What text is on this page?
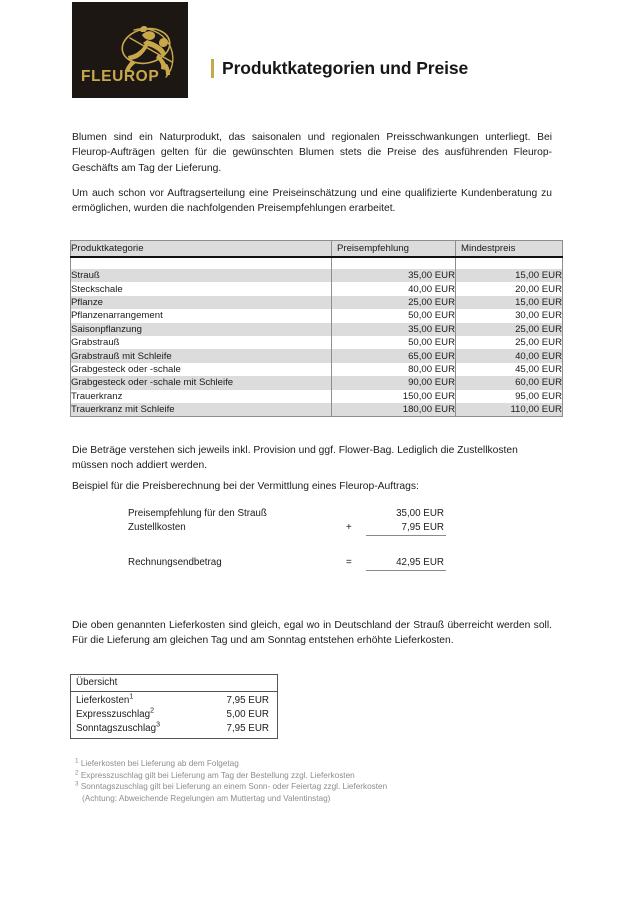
FLEUROP	Produktkategorien und Preise
Blumen sind ein Naturprodukt, das saisonalen und regionalen Preisschwankungen unterliegt. Bei Fleurop-Aufträgen gelten für die gewünschten Blumen stets die Preise des ausführenden Fleurop-Geschäfts am Tag der Lieferung.
Um auch schon vor Auftragserteilung eine Preiseinschätzung und eine qualifizierte Kundenberatung zu ermöglichen, wurden die nachfolgenden Preisempfehlungen erarbeitet.
Produktkategorie	Preisempfehlung	Mindestpreis

Strauß	35,00 EUR	15,00 EUR
Steckschale	40,00 EUR	20,00 EUR
Pflanze	25,00 EUR	15,00 EUR
Pflanzenarrangement	50,00 EUR	30,00 EUR
Saisonpflanzung	35,00 EUR	25,00 EUR
Grabstrauß	50,00 EUR	25,00 EUR
Grabstrauß mit Schleife	65,00 EUR	40,00 EUR
Grabgesteck oder -schale	80,00 EUR	45,00 EUR
Grabgesteck oder -schale mit Schleife	90,00 EUR	60,00 EUR
Trauerkranz	150,00 EUR	95,00 EUR
Trauerkranz mit Schleife	180,00 EUR	110,00 EUR
Die Beträge verstehen sich jeweils inkl. Provision und ggf. Flower-Bag. Lediglich die Zustellkosten müssen noch addiert werden.
Beispiel für die Preisberechnung bei der Vermittlung eines Fleurop-Auftrags:
Preisempfehlung für den Strauß	35,00 EUR
Zustellkosten	+	7,95 EUR
Rechnungsendbetrag	=	42,95 EUR
Die oben genannten Lieferkosten sind gleich, egal wo in Deutschland der Strauß überreicht werden soll. Für die Lieferung am gleichen Tag und am Sonntag entstehen erhöhte Lieferkosten.
Übersicht
Lieferkosten$^1$	7,95 EUR
Expresszuschlag$^2$	5,00 EUR
Sonntagszuschlag$^3$	7,95 EUR
$^1$ Lieferkosten bei Lieferung ab dem Folgetag
$^2$ Expresszuschlag gilt bei Lieferung am Tag der Bestellung zzgl. Lieferkosten
$^3$ Sonntagszuschlag gilt bei Lieferung an einem Sonn- oder Feiertag zzgl. Lieferkosten
(Achtung: Abweichende Regelungen am Muttertag und Valentinstag)
